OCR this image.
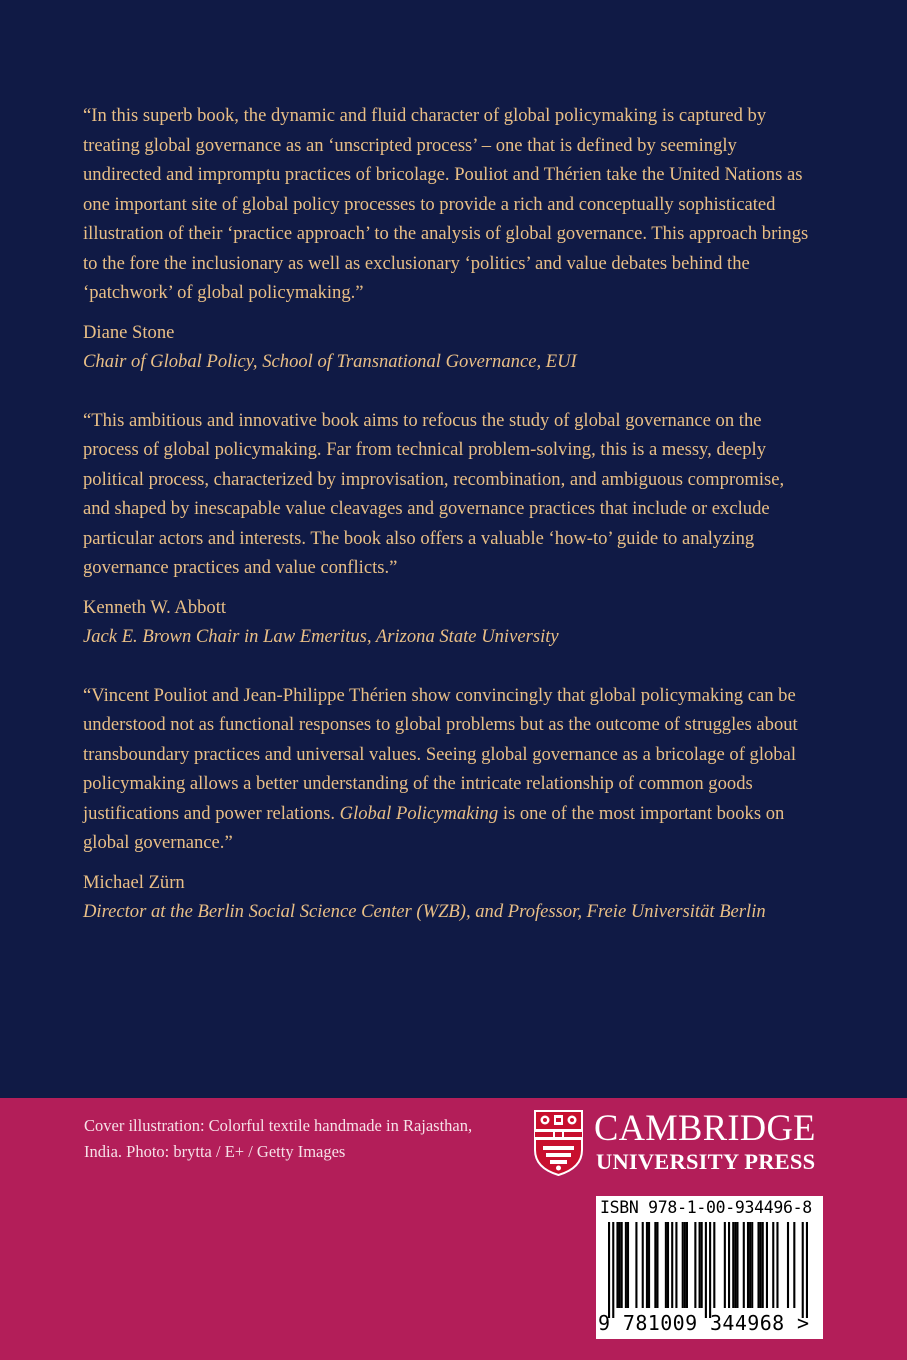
“In this superb book, the dynamic and fluid character of global policymaking is captured by treating global governance as an ‘unscripted process’ – one that is defined by seemingly undirected and impromptu practices of bricolage. Pouliot and Thérien take the United Nations as one important site of global policy processes to provide a rich and conceptually sophisticated illustration of their ‘practice approach’ to the analysis of global governance. This approach brings to the fore the inclusionary as well as exclusionary ‘politics’ and value debates behind the ‘patchwork’ of global policymaking.”

Diane Stone

Chair of Global Policy, School of Transnational Governance, EUI

“This ambitious and innovative book aims to refocus the study of global governance on the process of global policymaking. Far from technical problem-solving, this is a messy, deeply political process, characterized by improvisation, recombination, and ambiguous compromise, and shaped by inescapable value cleavages and governance practices that include or exclude particular actors and interests. The book also offers a valuable ‘how-to’ guide to analyzing governance practices and value conflicts.”

Kenneth W. Abbott

Jack E. Brown Chair in Law Emeritus, Arizona State University

“Vincent Pouliot and Jean-Philippe Thérien show convincingly that global policymaking can be understood not as functional responses to global problems but as the outcome of struggles about transboundary practices and universal values. Seeing global governance as a bricolage of global policymaking allows a better understanding of the intricate relationship of common goods justifications and power relations. Global Policymaking is one of the most important books on global governance.”

Michael Zürn

Director at the Berlin Social Science Center (WZB), and Professor, Freie Universität Berlin

Cover illustration: Colorful textile handmade in Rajasthan, India. Photo: brytta / E+ / Getty Images

CAMBRIDGE

UNIVERSITY PRESS

ISBN 978-1-00-934496-8

9 781009 344968 >
